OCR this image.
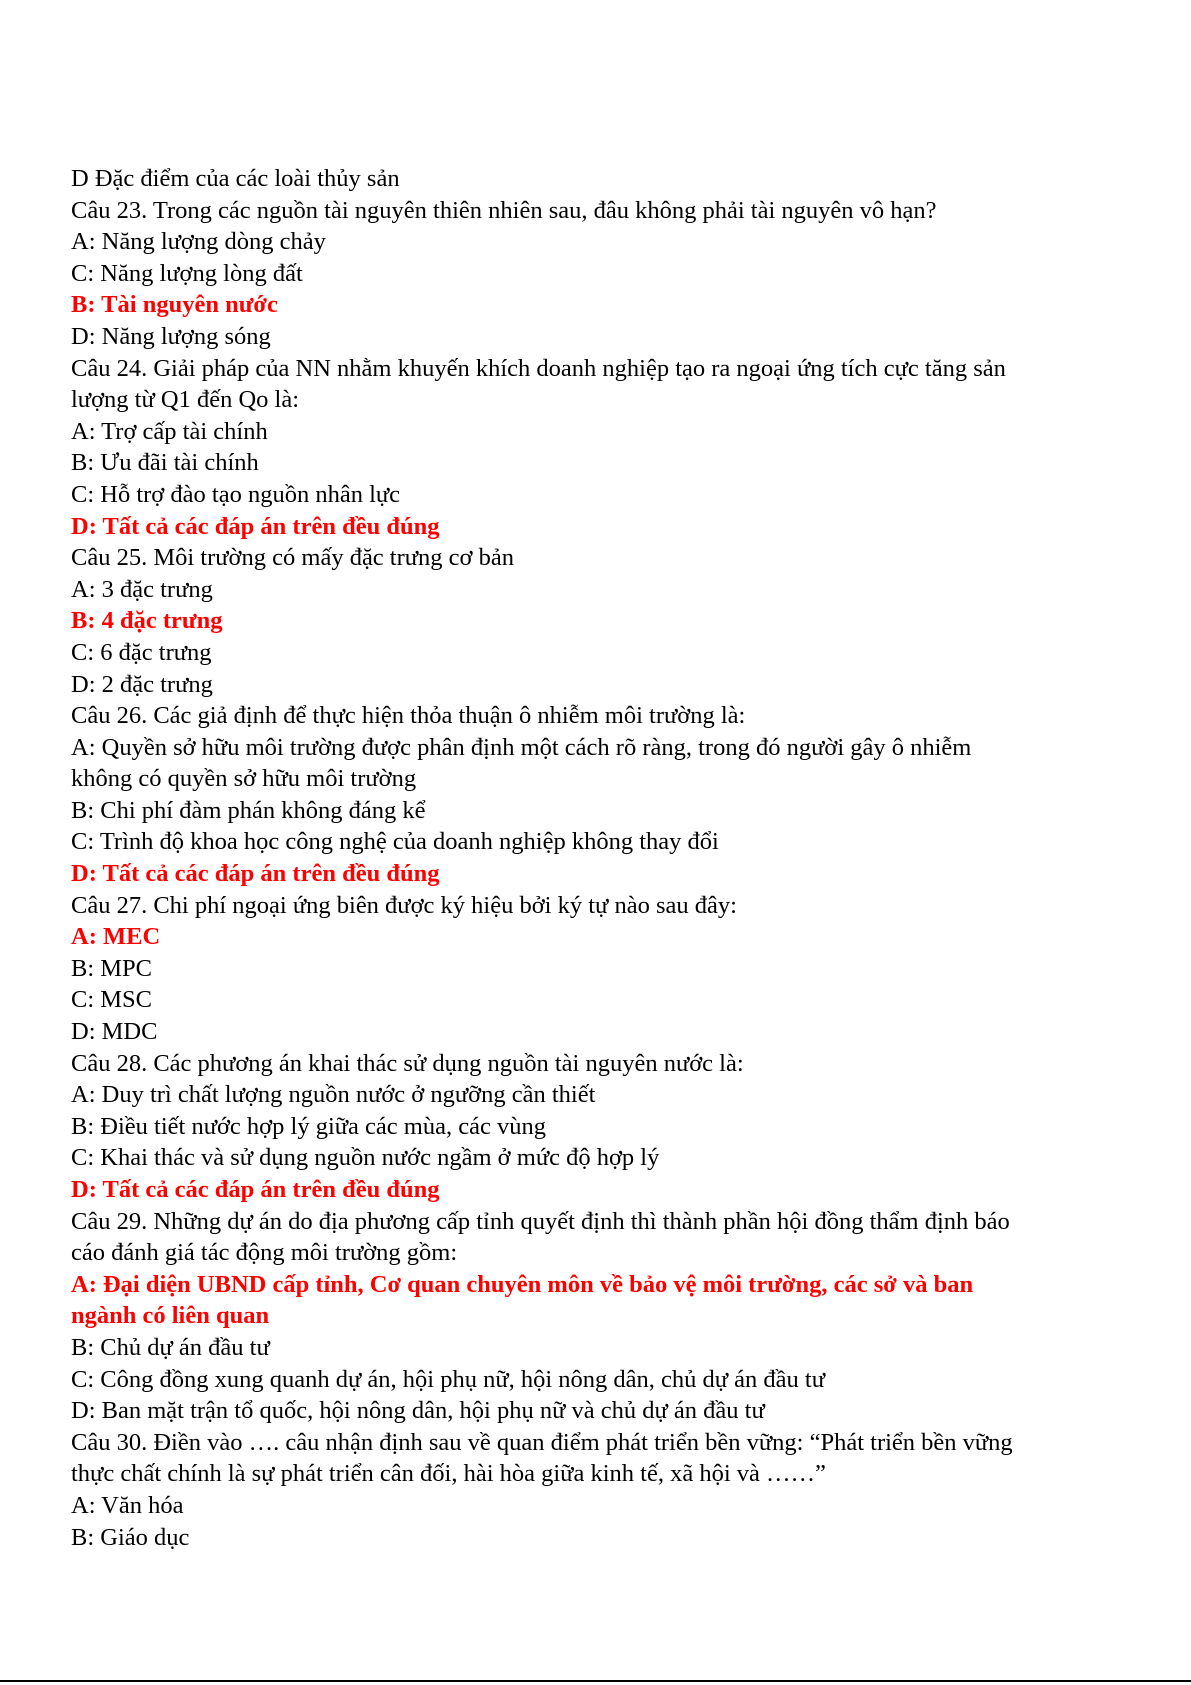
D Đặc điểm của các loài thủy sản
Câu 23. Trong các nguồn tài nguyên thiên nhiên sau, đâu không phải tài nguyên vô hạn?
A: Năng lượng dòng chảy
C: Năng lượng lòng đất
B: Tài nguyên nước
D: Năng lượng sóng
Câu 24. Giải pháp của NN nhằm khuyến khích doanh nghiệp tạo ra ngoại ứng tích cực tăng sản
lượng từ Q1 đến Qo là:
A: Trợ cấp tài chính
B: Ưu đãi tài chính
C: Hỗ trợ đào tạo nguồn nhân lực
D: Tất cả các đáp án trên đều đúng
Câu 25. Môi trường có mấy đặc trưng cơ bản
A: 3 đặc trưng
B: 4 đặc trưng
C: 6 đặc trưng
D: 2 đặc trưng
Câu 26. Các giả định để thực hiện thỏa thuận ô nhiễm môi trường là:
A: Quyền sở hữu môi trường được phân định một cách rõ ràng, trong đó người gây ô nhiễm
không có quyền sở hữu môi trường
B: Chi phí đàm phán không đáng kể
C: Trình độ khoa học công nghệ của doanh nghiệp không thay đổi
D: Tất cả các đáp án trên đều đúng
Câu 27. Chi phí ngoại ứng biên được ký hiệu bởi ký tự nào sau đây:
A: MEC
B: MPC
C: MSC
D: MDC
Câu 28. Các phương án khai thác sử dụng nguồn tài nguyên nước là:
A: Duy trì chất lượng nguồn nước ở ngưỡng cần thiết
B: Điều tiết nước hợp lý giữa các mùa, các vùng
C: Khai thác và sử dụng nguồn nước ngầm ở mức độ hợp lý
D: Tất cả các đáp án trên đều đúng
Câu 29. Những dự án do địa phương cấp tỉnh quyết định thì thành phần hội đồng thẩm định báo
cáo đánh giá tác động môi trường gồm:
A: Đại diện UBND cấp tỉnh, Cơ quan chuyên môn về bảo vệ môi trường, các sở và ban
ngành có liên quan
B: Chủ dự án đầu tư
C: Công đồng xung quanh dự án, hội phụ nữ, hội nông dân, chủ dự án đầu tư
D: Ban mặt trận tổ quốc, hội nông dân, hội phụ nữ và chủ dự án đầu tư
Câu 30. Điền vào …. câu nhận định sau về quan điểm phát triển bền vững: “Phát triển bền vững
thực chất chính là sự phát triển cân đối, hài hòa giữa kinh tế, xã hội và ……”
A: Văn hóa
B: Giáo dục
